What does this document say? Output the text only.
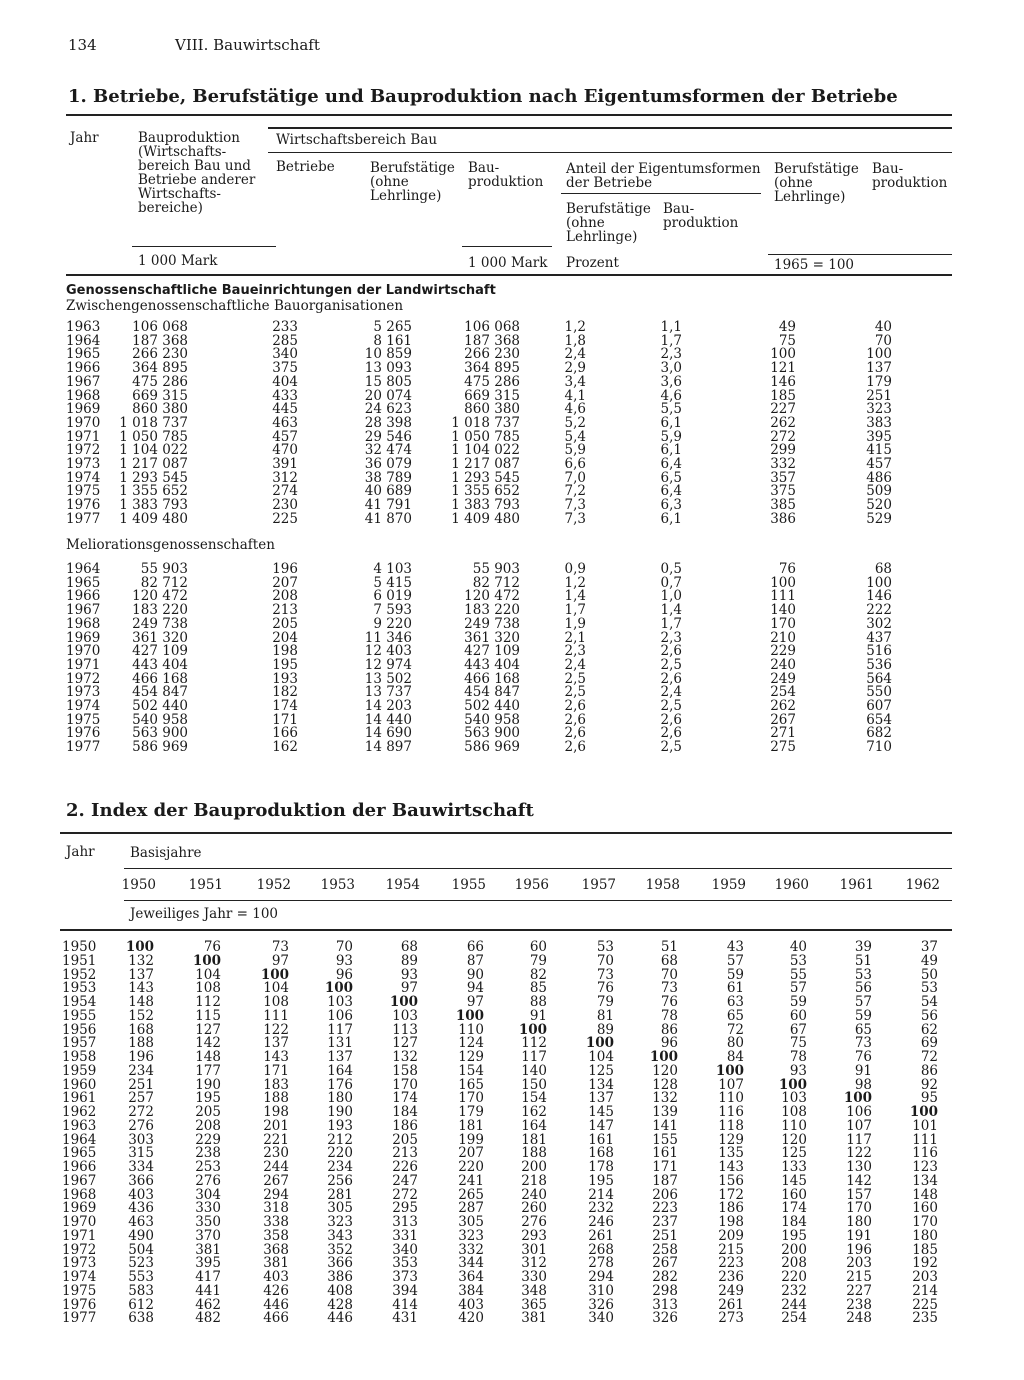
134	VIII. Bauwirtschaft
1. Betriebe, Berufstätige und Bauproduktion nach Eigentumsformen der Betriebe
Jahr	Bauproduktion
(Wirtschafts-
bereich Bau und
Betriebe anderer
Wirtschafts-
bereiche)
Wirtschaftsbereich Bau
Betriebe	Berufstätige
(ohne
Lehrlinge)
Bau-
produktion
Anteil der Eigentumsformen
der Betriebe
Berufstätige
(ohne
Lehrlinge)
Bau-
produktion
Berufstätige
(ohne
Lehrlinge)
Bau-
produktion
1 000 Mark	1 000 Mark Prozent	1965 = 100
Genossenschaftliche Baueinrichtungen der Landwirtschaft
Zwischengenossenschaftliche Bauorganisationen
1963 106 068	233	5 265	106 068	1,2	1,1	49	40
1964 187 368	285	8 161	187 368	1,8	1,7	75	70
1965 266 230	340	10 859	266 230	2,4	2,3	100	100
1966 364 895	375	13 093	364 895	2,9	3,0	121	137
1967 475 286	404	15 805	475 286	3,4	3,6	146	179
1968 669 315	433	20 074	669 315	4,1	4,6	185	251
1969 860 380	445	24 623	860 380	4,6	5,5	227	323
1970 1 018 737	463	28 398	1 018 737	5,2	6,1	262	383
1971 1 050 785	457	29 546	1 050 785	5,4	5,9	272	395
1972 1 104 022	470	32 474	1 104 022	5,9	6,1	299	415
1973 1 217 087	391	36 079	1 217 087	6,6	6,4	332	457
1974 1 293 545	312	38 789	1 293 545	7,0	6,5	357	486
1975 1 355 652	274	40 689	1 355 652	7,2	6,4	375	509
1976 1 383 793	230	41 791	1 383 793	7,3	6,3	385	520
1977 1 409 480	225	41 870	1 409 480	7,3	6,1	386	529
Meliorationsgenossenschaften
1964	55 903	196	4 103	55 903	0,9	0,5	76	68
1965	82 712	207	5 415	82 712	1,2	0,7	100	100
1966 120 472	208	6 019	120 472	1,4	1,0	111	146
1967 183 220	213	7 593	183 220	1,7	1,4	140	222
1968 249 738	205	9 220	249 738	1,9	1,7	170	302
1969 361 320	204	11 346	361 320	2,1	2,3	210	437
1970 427 109	198	12 403	427 109	2,3	2,6	229	516
1971 443 404	195	12 974	443 404	2,4	2,5	240	536
1972 466 168	193	13 502	466 168	2,5	2,6	249	564
1973 454 847	182	13 737	454 847	2,5	2,4	254	550
1974 502 440	174	14 203	502 440	2,6	2,5	262	607
1975 540 958	171	14 440	540 958	2,6	2,6	267	654
1976 563 900	166	14 690	563 900	2,6	2,6	271	682
1977 586 969	162	14 897	586 969	2,6	2,5	275	710
2. Index der Bauproduktion der Bauwirtschaft
Jahr	Basisjahre
1950 1951 1952 1953 1954 1955 1956 1957 1958 1959 1960 1961 1962
Jeweiliges Jahr = 100
1950 100	76	73	70	68	66	60	53	51	43	40	39	37
1951 132	100	97	93	89	87	79	70	68	57	53	51	49
1952 137	104	100	96	93	90	82	73	70	59	55	53	50
1953 143	108	104	100	97	94	85	76	73	61	57	56	53
1954 148	112	108	103	100	97	88	79	76	63	59	57	54
1955 152	115	111	106	103	100	91	81	78	65	60	59	56
1956 168	127	122	117	113	110	100	89	86	72	67	65	62
1957 188	142	137	131	127	124	112	100	96	80	75	73	69
1958 196	148	143	137	132	129	117	104	100	84	78	76	72
1959 234	177	171	164	158	154	140	125	120	100	93	91	86
1960 251	190	183	176	170	165	150	134	128	107	100	98	92
1961 257	195	188	180	174	170	154	137	132	110	103	100	95
1962 272	205	198	190	184	179	162	145	139	116	108	106	100
1963 276	208	201	193	186	181	164	147	141	118	110	107	101
1964 303	229	221	212	205	199	181	161	155	129	120	117	111
1965 315	238	230	220	213	207	188	168	161	135	125	122	116
1966 334	253	244	234	226	220	200	178	171	143	133	130	123
1967 366	276	267	256	247	241	218	195	187	156	145	142	134
1968 403	304	294	281	272	265	240	214	206	172	160	157	148
1969 436	330	318	305	295	287	260	232	223	186	174	170	160
1970 463	350	338	323	313	305	276	246	237	198	184	180	170
1971 490	370	358	343	331	323	293	261	251	209	195	191	180
1972 504	381	368	352	340	332	301	268	258	215	200	196	185
1973 523	395	381	366	353	344	312	278	267	223	208	203	192
1974 553	417	403	386	373	364	330	294	282	236	220	215	203
1975 583	441	426	408	394	384	348	310	298	249	232	227	214
1976 612	462	446	428	414	403	365	326	313	261	244	238	225
1977 638	482	466	446	431	420	381	340	326	273	254	248	235
